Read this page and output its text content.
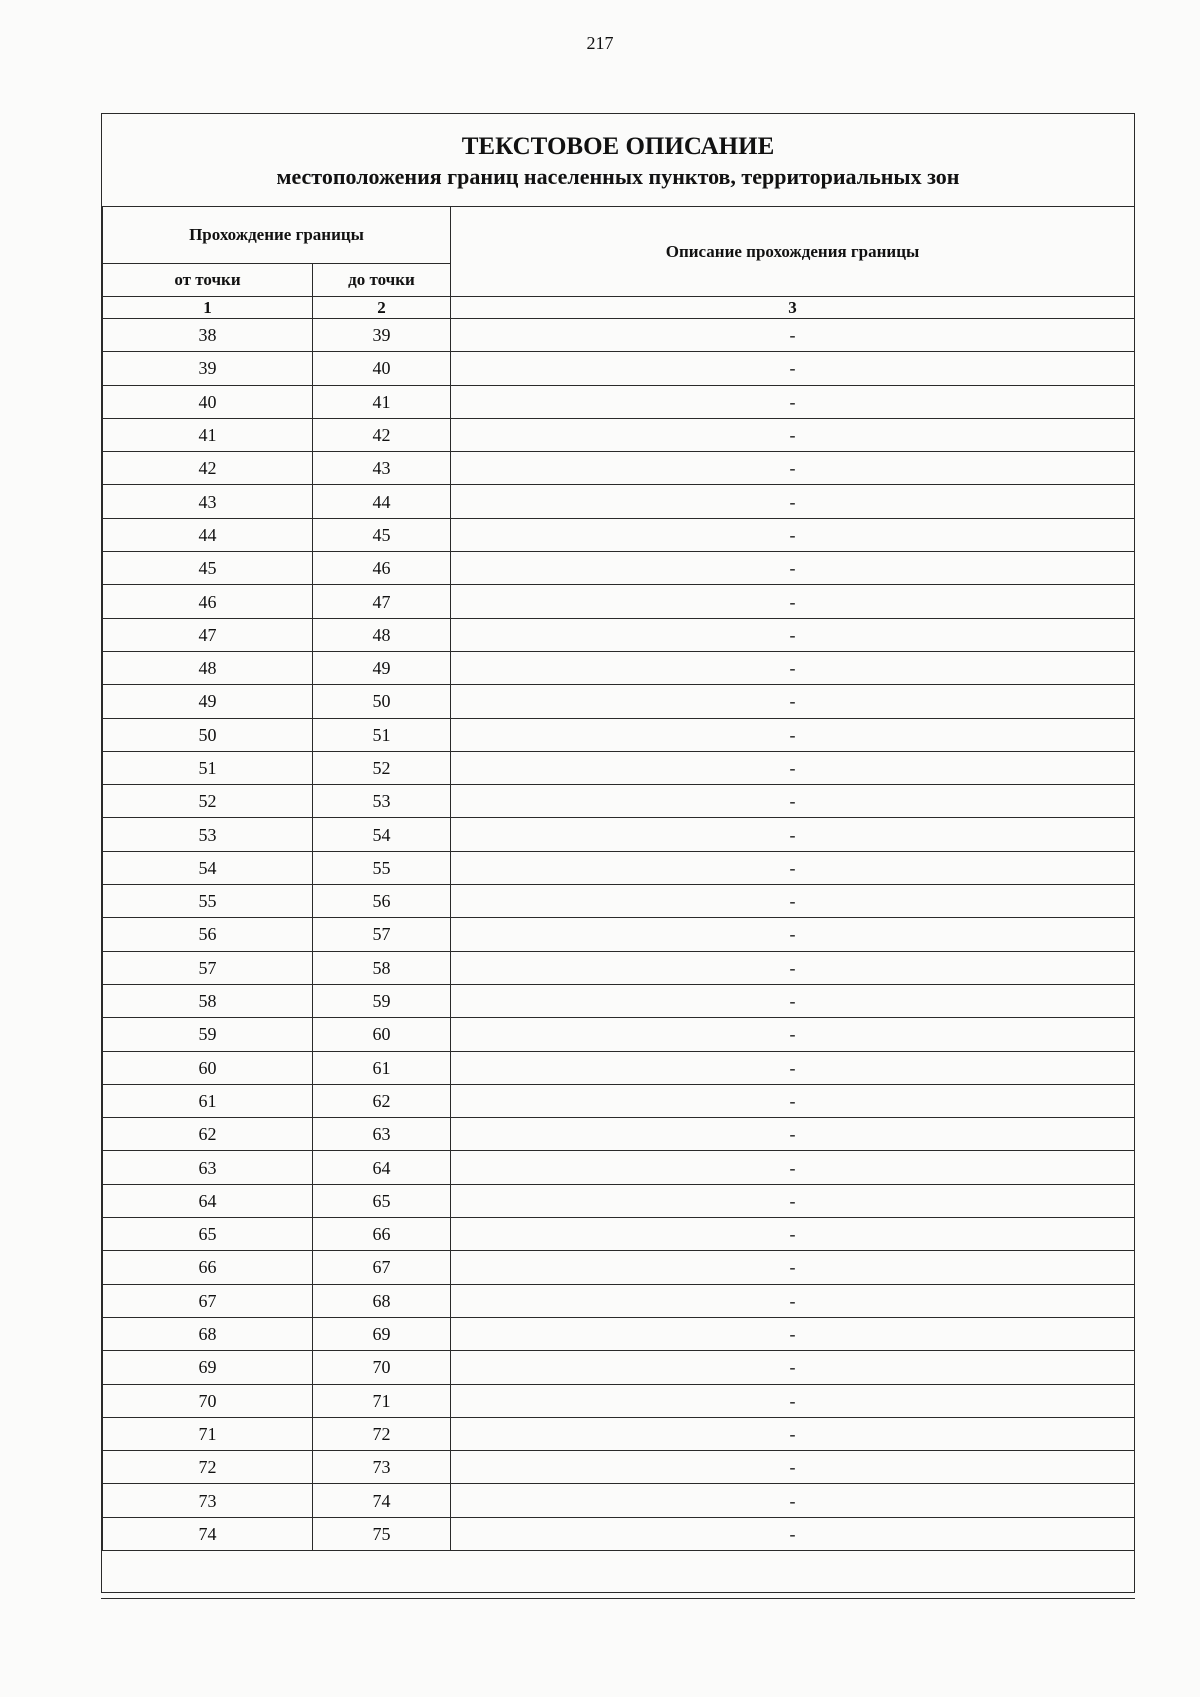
217
ТЕКСТОВОЕ ОПИСАНИЕ
местоположения границ населенных пунктов, территориальных зон
Прохождение границы		Описание прохождения границы
от точки	до точки	
1	2	3
38	39	-
39	40	-
40	41	-
41	42	-
42	43	-
43	44	-
44	45	-
45	46	-
46	47	-
47	48	-
48	49	-
49	50	-
50	51	-
51	52	-
52	53	-
53	54	-
54	55	-
55	56	-
56	57	-
57	58	-
58	59	-
59	60	-
60	61	-
61	62	-
62	63	-
63	64	-
64	65	-
65	66	-
66	67	-
67	68	-
68	69	-
69	70	-
70	71	-
71	72	-
72	73	-
73	74	-
74	75	-
